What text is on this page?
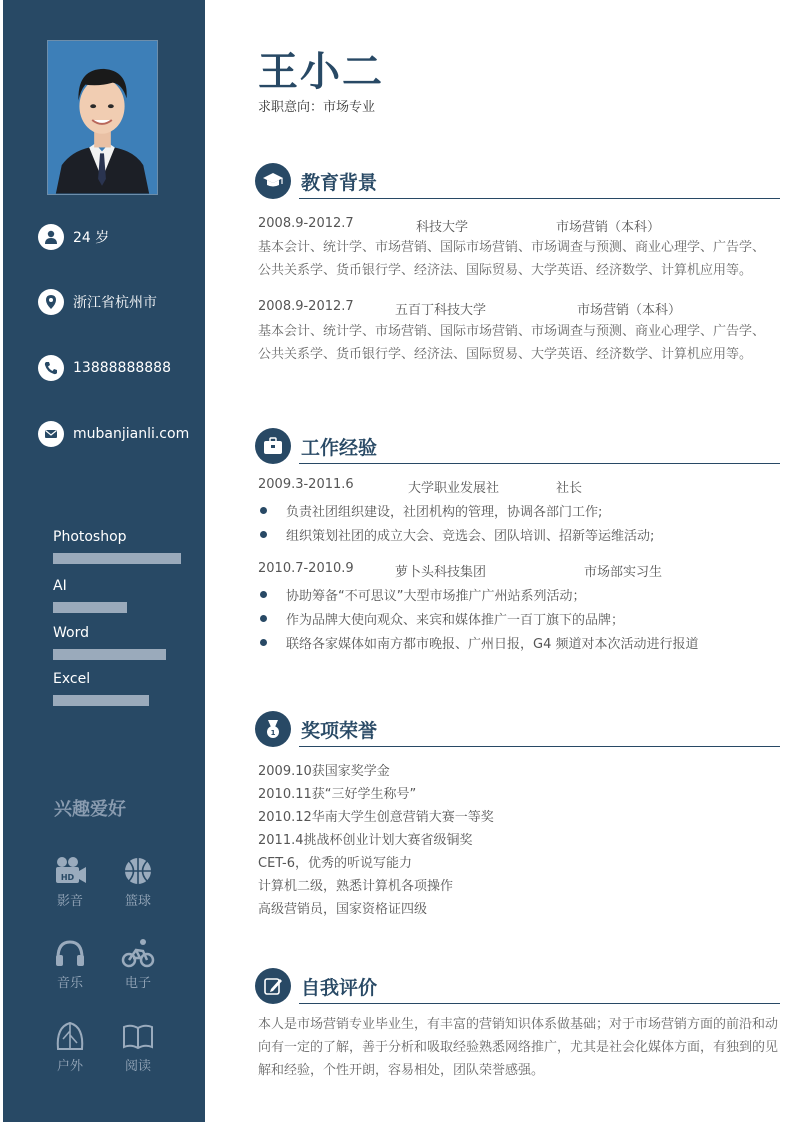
24 岁
浙江省杭州市
13888888888
mubanjianli.com
Photoshop
AI
Word
Excel
兴趣爱好
HD
影音	篮球
音乐	电子
户外	阅读
王小二
求职意向：市场专业
教育背景
2008.9-2012.7	科技大学	市场营销（本科）
基本会计、统计学、市场营销、国际市场营销、市场调查与预测、商业心理学、广告学、
公共关系学、货币银行学、经济法、国际贸易、大学英语、经济数学、计算机应用等。
2008.9-2012.7	五百丁科技大学	市场营销（本科）
基本会计、统计学、市场营销、国际市场营销、市场调查与预测、商业心理学、广告学、
公共关系学、货币银行学、经济法、国际贸易、大学英语、经济数学、计算机应用等。
工作经验
2009.3-2011.6	大学职业发展社	社长
负责社团组织建设，社团机构的管理，协调各部门工作;
组织策划社团的成立大会、竞选会、团队培训、招新等运维活动;
2010.7-2010.9	萝卜头科技集团	市场部实习生
协助筹备“不可思议”大型市场推广广州站系列活动；
作为品牌大使向观众、来宾和媒体推广一百丁旗下的品牌；
联络各家媒体如南方都市晚报、广州日报，G4 频道对本次活动进行报道
1 奖项荣誉
2009.10获国家奖学金
2010.11获“三好学生称号”
2010.12华南大学生创意营销大赛一等奖
2011.4挑战杯创业计划大赛省级铜奖
CET-6，优秀的听说写能力
计算机二级，熟悉计算机各项操作
高级营销员，国家资格证四级
自我评价
本人是市场营销专业毕业生，有丰富的营销知识体系做基础；对于市场营销方面的前沿和动向有一定的了解，善于分析和吸取经验熟悉网络推广，尤其是社会化媒体方面，有独到的见解和经验，个性开朗，容易相处，团队荣誉感强。
